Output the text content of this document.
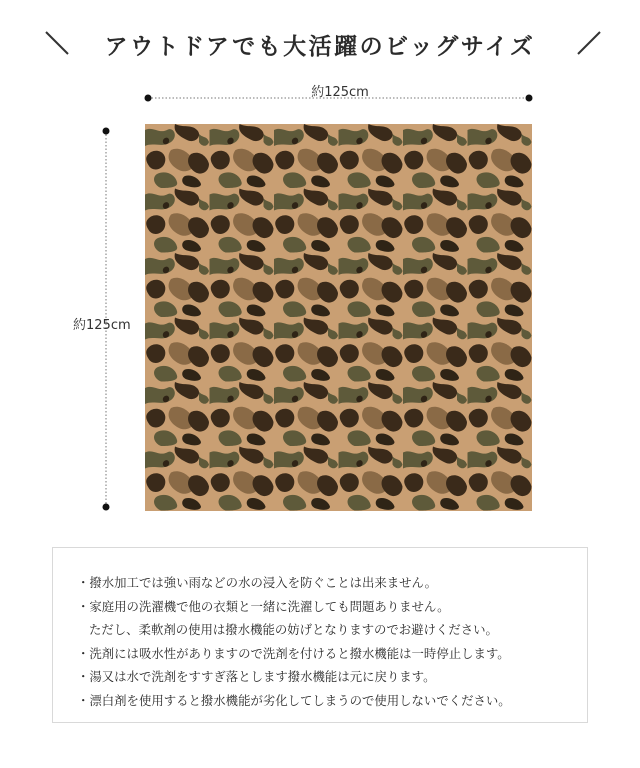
アウトドアでも大活躍のビッグサイズ
約125cm
約125cm
・撥水加工では強い雨などの水の浸入を防ぐことは出来ません。
・家庭用の洗濯機で他の衣類と一緒に洗濯しても問題ありません。
ただし、柔軟剤の使用は撥水機能の妨げとなりますのでお避けください。
・洗剤には吸水性がありますので洗剤を付けると撥水機能は一時停止します。
・湯又は水で洗剤をすすぎ落とします撥水機能は元に戻ります。
・漂白剤を使用すると撥水機能が劣化してしまうので使用しないでください。
